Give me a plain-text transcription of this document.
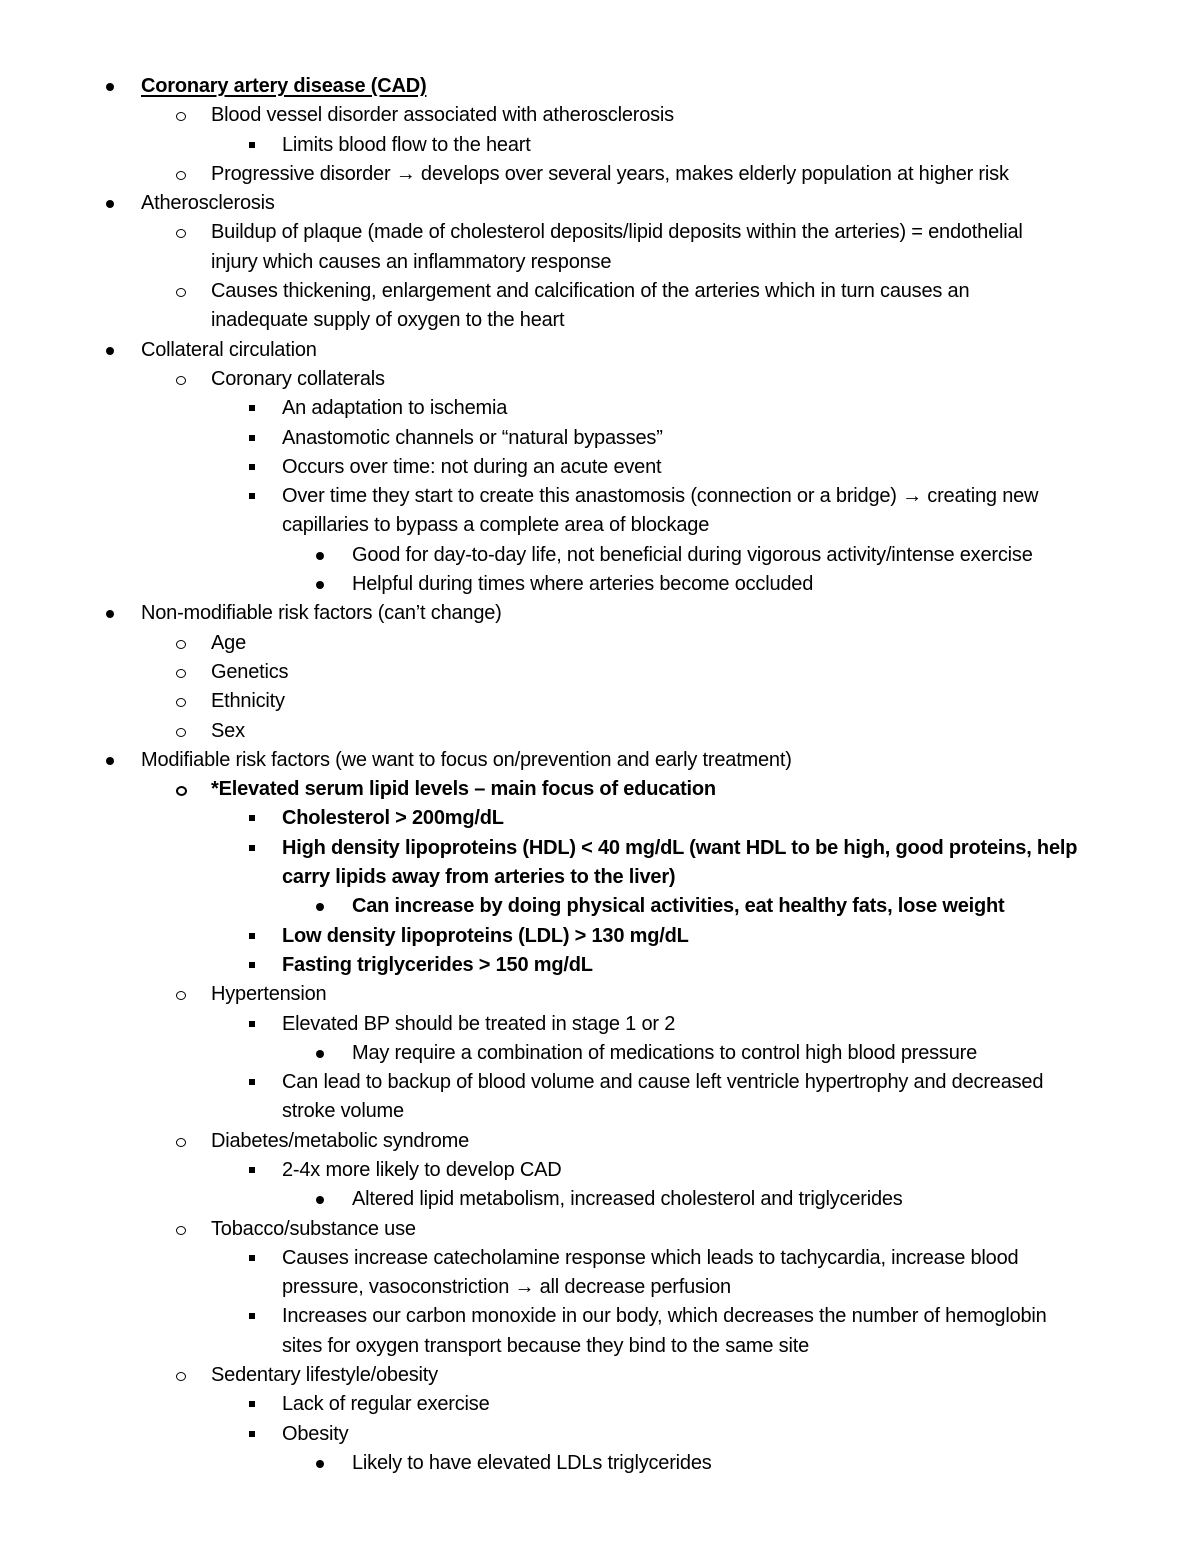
Coronary artery disease (CAD)
Blood vessel disorder associated with atherosclerosis
Limits blood flow to the heart
Progressive disorder → develops over several years, makes elderly population at higher risk
Atherosclerosis
Buildup of plaque (made of cholesterol deposits/lipid deposits within the arteries) = endothelial
injury which causes an inflammatory response
Causes thickening, enlargement and calcification of the arteries which in turn causes an
inadequate supply of oxygen to the heart
Collateral circulation
Coronary collaterals
An adaptation to ischemia
Anastomotic channels or “natural bypasses”
Occurs over time: not during an acute event
Over time they start to create this anastomosis (connection or a bridge) → creating new
capillaries to bypass a complete area of blockage
Good for day-to-day life, not beneficial during vigorous activity/intense exercise
Helpful during times where arteries become occluded
Non-modifiable risk factors (can’t change)
Age
Genetics
Ethnicity
Sex
Modifiable risk factors (we want to focus on/prevention and early treatment)
*Elevated serum lipid levels – main focus of education
Cholesterol > 200mg/dL
High density lipoproteins (HDL) < 40 mg/dL (want HDL to be high, good proteins, help
carry lipids away from arteries to the liver)
Can increase by doing physical activities, eat healthy fats, lose weight
Low density lipoproteins (LDL) > 130 mg/dL
Fasting triglycerides > 150 mg/dL
Hypertension
Elevated BP should be treated in stage 1 or 2
May require a combination of medications to control high blood pressure
Can lead to backup of blood volume and cause left ventricle hypertrophy and decreased
stroke volume
Diabetes/metabolic syndrome
2-4x more likely to develop CAD
Altered lipid metabolism, increased cholesterol and triglycerides
Tobacco/substance use
Causes increase catecholamine response which leads to tachycardia, increase blood
pressure, vasoconstriction → all decrease perfusion
Increases our carbon monoxide in our body, which decreases the number of hemoglobin
sites for oxygen transport because they bind to the same site
Sedentary lifestyle/obesity
Lack of regular exercise
Obesity
Likely to have elevated LDLs triglycerides
